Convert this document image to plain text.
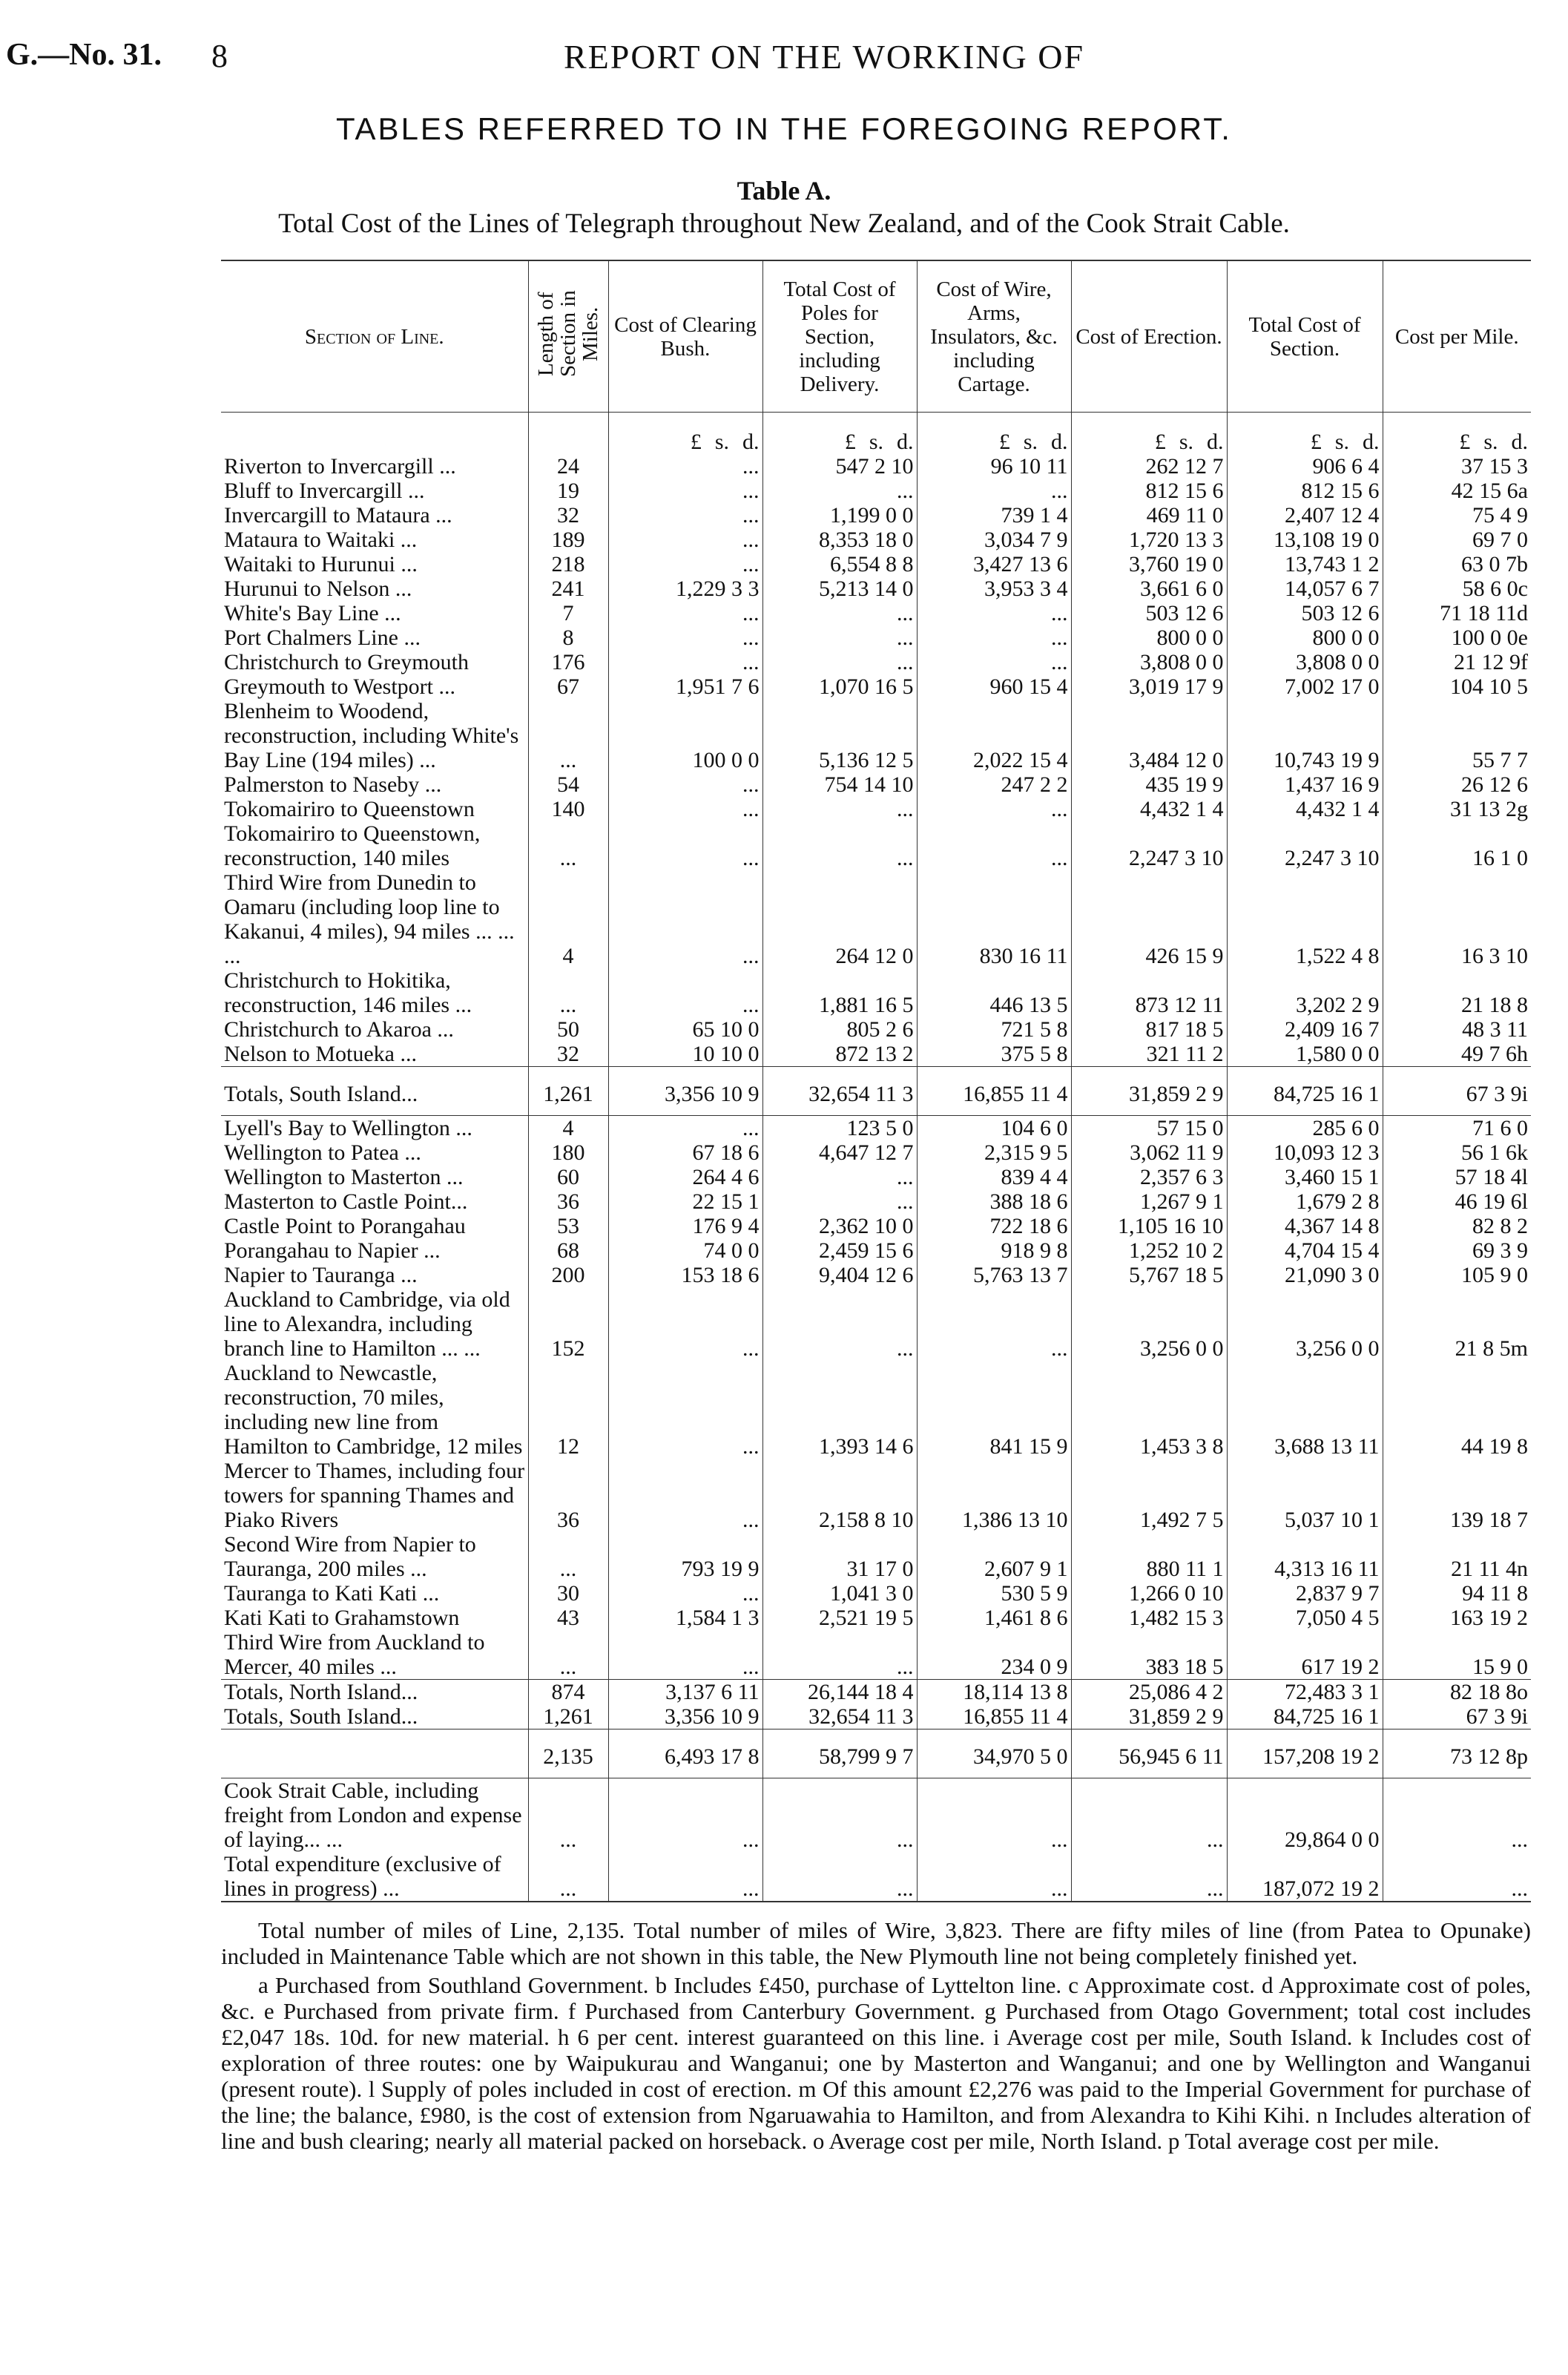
G.—No. 31. 8	REPORT ON THE WORKING OF
TABLES REFERRED TO IN THE FOREGOING REPORT.
Table A.
Total Cost of the Lines of Telegraph throughout New Zealand, and of the Cook Strait Cable.
Section of Line.	Length of Section in Miles.	Cost of Clearing Bush.	Total Cost of Poles for Section, including Delivery.	Cost of Wire, Arms, Insulators, &c. including Cartage.	Cost of Erection.	Total Cost of Section.	Cost per Mile.
		£ s. d.	£ s. d.	£ s. d.	£ s. d.	£ s. d.	£ s. d.
Riverton to Invercargill ...	24	...	547 2 10	96 10 11	262 12 7	906 6 4	37 15 3
Bluff to Invercargill ...	19	...	...	...	812 15 6	812 15 6	42 15 6a
Invercargill to Mataura ...	32	...	1,199 0 0	739 1 4	469 11 0	2,407 12 4	75 4 9
Mataura to Waitaki ...	189	...	8,353 18 0	3,034 7 9	1,720 13 3	13,108 19 0	69 7 0
Waitaki to Hurunui ...	218	...	6,554 8 8	3,427 13 6	3,760 19 0	13,743 1 2	63 0 7b
Hurunui to Nelson ...	241	1,229 3 3	5,213 14 0	3,953 3 4	3,661 6 0	14,057 6 7	58 6 0c
White's Bay Line ...	7	...	...	...	503 12 6	503 12 6	71 18 11d
Port Chalmers Line ...	8	...	...	...	800 0 0	800 0 0	100 0 0e
Christchurch to Greymouth	176	...	...	...	3,808 0 0	3,808 0 0	21 12 9f
Greymouth to Westport ...	67	1,951 7 6	1,070 16 5	960 15 4	3,019 17 9	7,002 17 0	104 10 5
Blenheim to Woodend, reconstruction, including White's Bay Line (194 miles) ...	...	100 0 0	5,136 12 5	2,022 15 4	3,484 12 0	10,743 19 9	55 7 7
Palmerston to Naseby ...	54	...	754 14 10	247 2 2	435 19 9	1,437 16 9	26 12 6
Tokomairiro to Queenstown	140	...	...	...	4,432 1 4	4,432 1 4	31 13 2g
Tokomairiro to Queenstown, reconstruction, 140 miles	...	...	...	...	2,247 3 10	2,247 3 10	16 1 0
Third Wire from Dunedin to Oamaru (including loop line to Kakanui, 4 miles), 94 miles ... ... ...	4	...	264 12 0	830 16 11	426 15 9	1,522 4 8	16 3 10
Christchurch to Hokitika, reconstruction, 146 miles ...	...	...	1,881 16 5	446 13 5	873 12 11	3,202 2 9	21 18 8
Christchurch to Akaroa ...	50	65 10 0	805 2 6	721 5 8	817 18 5	2,409 16 7	48 3 11
Nelson to Motueka ...	32	10 10 0	872 13 2	375 5 8	321 11 2	1,580 0 0	49 7 6h
Totals, South Island...	1,261	3,356 10 9	32,654 11 3	16,855 11 4	31,859 2 9	84,725 16 1	67 3 9i
Lyell's Bay to Wellington ...	4	...	123 5 0	104 6 0	57 15 0	285 6 0	71 6 0
Wellington to Patea ...	180	67 18 6	4,647 12 7	2,315 9 5	3,062 11 9	10,093 12 3	56 1 6k
Wellington to Masterton ...	60	264 4 6	...	839 4 4	2,357 6 3	3,460 15 1	57 18 4l
Masterton to Castle Point...	36	22 15 1	...	388 18 6	1,267 9 1	1,679 2 8	46 19 6l
Castle Point to Porangahau	53	176 9 4	2,362 10 0	722 18 6	1,105 16 10	4,367 14 8	82 8 2
Porangahau to Napier ...	68	74 0 0	2,459 15 6	918 9 8	1,252 10 2	4,704 15 4	69 3 9
Napier to Tauranga ...	200	153 18 6	9,404 12 6	5,763 13 7	5,767 18 5	21,090 3 0	105 9 0
Auckland to Cambridge, via old line to Alexandra, including branch line to Hamilton ... ...	152	...	...	...	3,256 0 0	3,256 0 0	21 8 5m
Auckland to Newcastle, reconstruction, 70 miles, including new line from Hamilton to Cambridge, 12 miles	12	...	1,393 14 6	841 15 9	1,453 3 8	3,688 13 11	44 19 8
Mercer to Thames, including four towers for spanning Thames and Piako Rivers	36	...	2,158 8 10	1,386 13 10	1,492 7 5	5,037 10 1	139 18 7
Second Wire from Napier to Tauranga, 200 miles ...	...	793 19 9	31 17 0	2,607 9 1	880 11 1	4,313 16 11	21 11 4n
Tauranga to Kati Kati ...	30	...	1,041 3 0	530 5 9	1,266 0 10	2,837 9 7	94 11 8
Kati Kati to Grahamstown	43	1,584 1 3	2,521 19 5	1,461 8 6	1,482 15 3	7,050 4 5	163 19 2
Third Wire from Auckland to Mercer, 40 miles ...	...	...	...	234 0 9	383 18 5	617 19 2	15 9 0
Totals, North Island...	874	3,137 6 11	26,144 18 4	18,114 13 8	25,086 4 2	72,483 3 1	82 18 8o
Totals, South Island...	1,261	3,356 10 9	32,654 11 3	16,855 11 4	31,859 2 9	84,725 16 1	67 3 9i
	2,135	6,493 17 8	58,799 9 7	34,970 5 0	56,945 6 11	157,208 19 2	73 12 8p
Cook Strait Cable, including freight from London and expense of laying... ...	...	...	...	...	...	29,864 0 0	...
Total expenditure (exclusive of lines in progress) ...	...	...	...	...	...	187,072 19 2	...

Total number of miles of Line, 2,135. Total number of miles of Wire, 3,823. There are fifty miles of line (from Patea to Opunake) included in Maintenance Table which are not shown in this table, the New Plymouth line not being completely finished yet.

a Purchased from Southland Government. b Includes £450, purchase of Lyttelton line. c Approximate cost. d Approximate cost of poles, &c. e Purchased from private firm. f Purchased from Canterbury Government. g Purchased from Otago Government; total cost includes £2,047 18s. 10d. for new material. h 6 per cent. interest guaranteed on this line. i Average cost per mile, South Island. k Includes cost of exploration of three routes: one by Waipukurau and Wanganui; one by Masterton and Wanganui; and one by Wellington and Wanganui (present route). l Supply of poles included in cost of erection. m Of this amount £2,276 was paid to the Imperial Government for purchase of the line; the balance, £980, is the cost of extension from Ngaruawahia to Hamilton, and from Alexandra to Kihi Kihi. n Includes alteration of line and bush clearing; nearly all material packed on horseback. o Average cost per mile, North Island. p Total average cost per mile.
